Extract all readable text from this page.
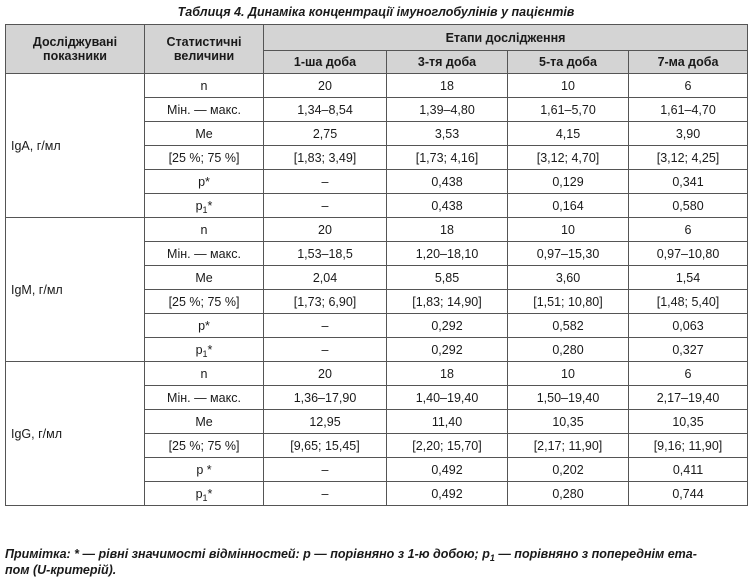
Таблиця 4. Динаміка концентрації імуноглобулінів у пацієнтів
Досліджувані показники	Статистичні величини	Етапи дослідження			
		1-ша доба	3-тя доба	5-та доба	7-ма доба
IgA, г/мл	n	20	18	10	6
	Мін. — макс.	1,34–8,54	1,39–4,80	1,61–5,70	1,61–4,70
	Me	2,75	3,53	4,15	3,90
	[25 %; 75 %]	[1,83; 3,49]	[1,73; 4,16]	[3,12; 4,70]	[3,12; 4,25]
	p*	–	0,438	0,129	0,341
	$p_1*$	–	0,438	0,164	0,580
IgM, г/мл	n	20	18	10	6
	Мін. — макс.	1,53–18,5	1,20–18,10	0,97–15,30	0,97–10,80
	Me	2,04	5,85	3,60	1,54
	[25 %; 75 %]	[1,73; 6,90]	[1,83; 14,90]	[1,51; 10,80]	[1,48; 5,40]
	p*	–	0,292	0,582	0,063
	$p_1*$	–	0,292	0,280	0,327
IgG, г/мл	n	20	18	10	6
	Мін. — макс.	1,36–17,90	1,40–19,40	1,50–19,40	2,17–19,40
	Me	12,95	11,40	10,35	10,35
	[25 %; 75 %]	[9,65; 15,45]	[2,20; 15,70]	[2,17; 11,90]	[9,16; 11,90]
	p *	–	0,492	0,202	0,411
	$p_1*$	–	0,492	0,280	0,744
Примітка: * — рівні значимості відмінностей: p — порівняно з 1-ю добою; $p_1$ — порівняно з попереднім ета-
пом (U-критерій).
